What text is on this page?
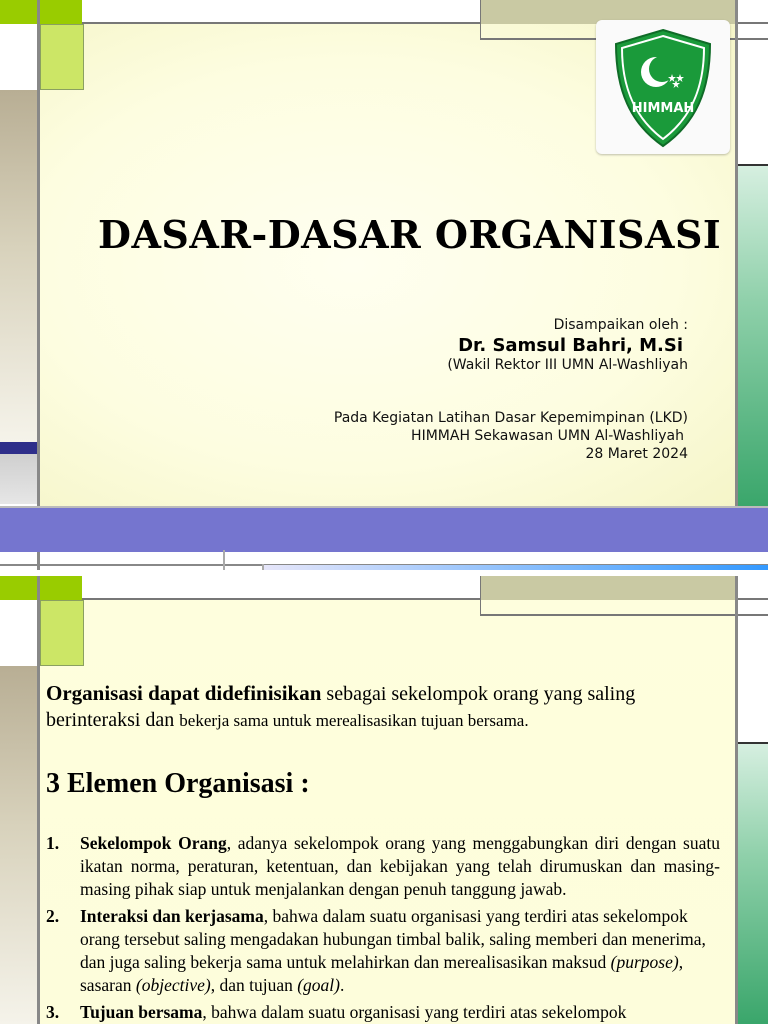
HIMMAH
DASAR-DASAR ORGANISASI
Disampaikan oleh :
Dr. Samsul Bahri, M.Si
(Wakil Rektor III UMN Al-Washliyah
Pada Kegiatan Latihan Dasar Kepemimpinan (LKD)
HIMMAH Sekawasan UMN Al-Washliyah
28 Maret 2024
Organisasi dapat didefinisikan sebagai sekelompok orang yang saling
berinteraksi dan bekerja sama untuk merealisasikan tujuan bersama.
3 Elemen Organisasi :
1. Sekelompok Orang, adanya sekelompok orang yang menggabungkan diri dengan suatu ikatan norma, peraturan, ketentuan, dan kebijakan yang telah dirumuskan dan masing-masing pihak siap untuk menjalankan dengan penuh tanggung jawab.
2. Interaksi dan kerjasama, bahwa dalam suatu organisasi yang terdiri atas sekelompok orang tersebut saling mengadakan hubungan timbal balik, saling memberi dan menerima, dan juga saling bekerja sama untuk melahirkan dan merealisasikan maksud (purpose), sasaran (objective), dan tujuan (goal).
3. Tujuan bersama, bahwa dalam suatu organisasi yang terdiri atas sekelompok
